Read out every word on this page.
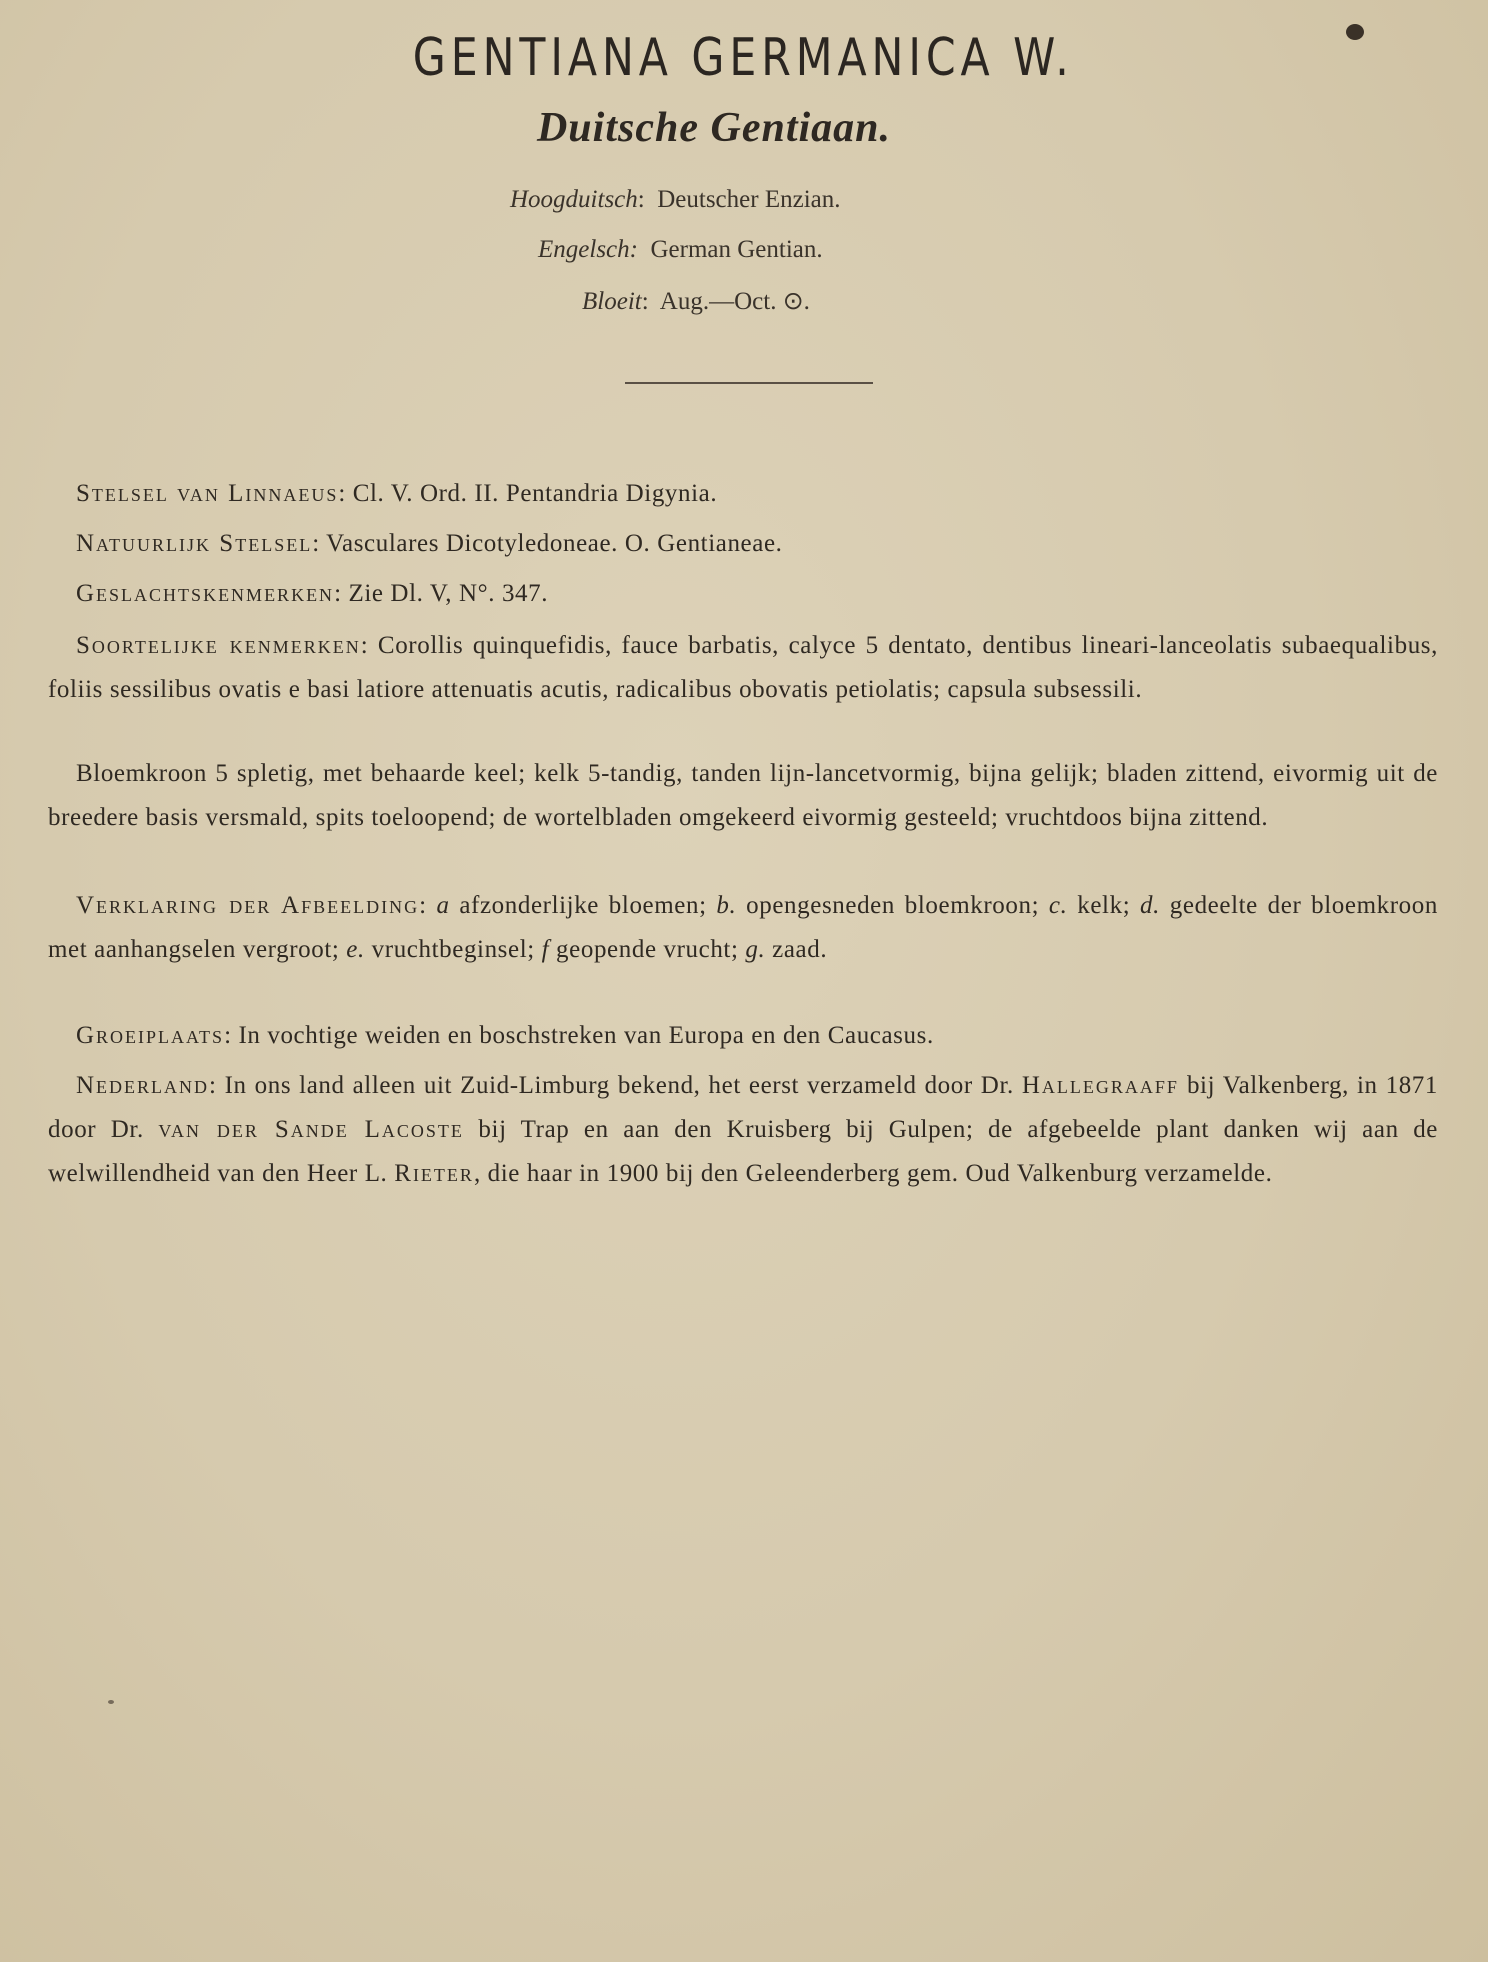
GENTIANA GERMANICA W.
Duitsche Gentiaan.
Hoogduitsch: Deutscher Enzian.
Engelsch: German Gentian.
Bloeit: Aug.—Oct. ⊙.
Stelsel van Linnaeus: Cl. V. Ord. II. Pentandria Digynia.
Natuurlijk Stelsel: Vasculares Dicotyledoneae. O. Gentianeae.
Geslachtskenmerken: Zie Dl. V, N°. 347.
Soortelijke kenmerken: Corollis quinquefidis, fauce barbatis, calyce 5 dentato, dentibus lineari-lanceolatis subaequalibus, foliis sessilibus ovatis e basi latiore attenuatis acutis, radicalibus obovatis petiolatis; capsula subsessili.
Bloemkroon 5 spletig, met behaarde keel; kelk 5-tandig, tanden lijn-lancetvormig, bijna gelijk; bladen zittend, eivormig uit de breedere basis versmald, spits toeloopend; de wortelbladen omgekeerd eivormig gesteeld; vruchtdoos bijna zittend.
Verklaring der Afbeelding: a afzonderlijke bloemen; b. opengesneden bloemkroon; c. kelk; d. gedeelte der bloemkroon met aanhangselen vergroot; e. vruchtbeginsel; f geopende vrucht; g. zaad.
Groeiplaats: In vochtige weiden en boschstreken van Europa en den Caucasus.
Nederland: In ons land alleen uit Zuid-Limburg bekend, het eerst verzameld door Dr. Hallegraaff bij Valkenberg, in 1871 door Dr. van der Sande Lacoste bij Trap en aan den Kruisberg bij Gulpen; de afgebeelde plant danken wij aan de welwillendheid van den Heer L. Rieter, die haar in 1900 bij den Geleenderberg gem. Oud Valkenburg verzamelde.
